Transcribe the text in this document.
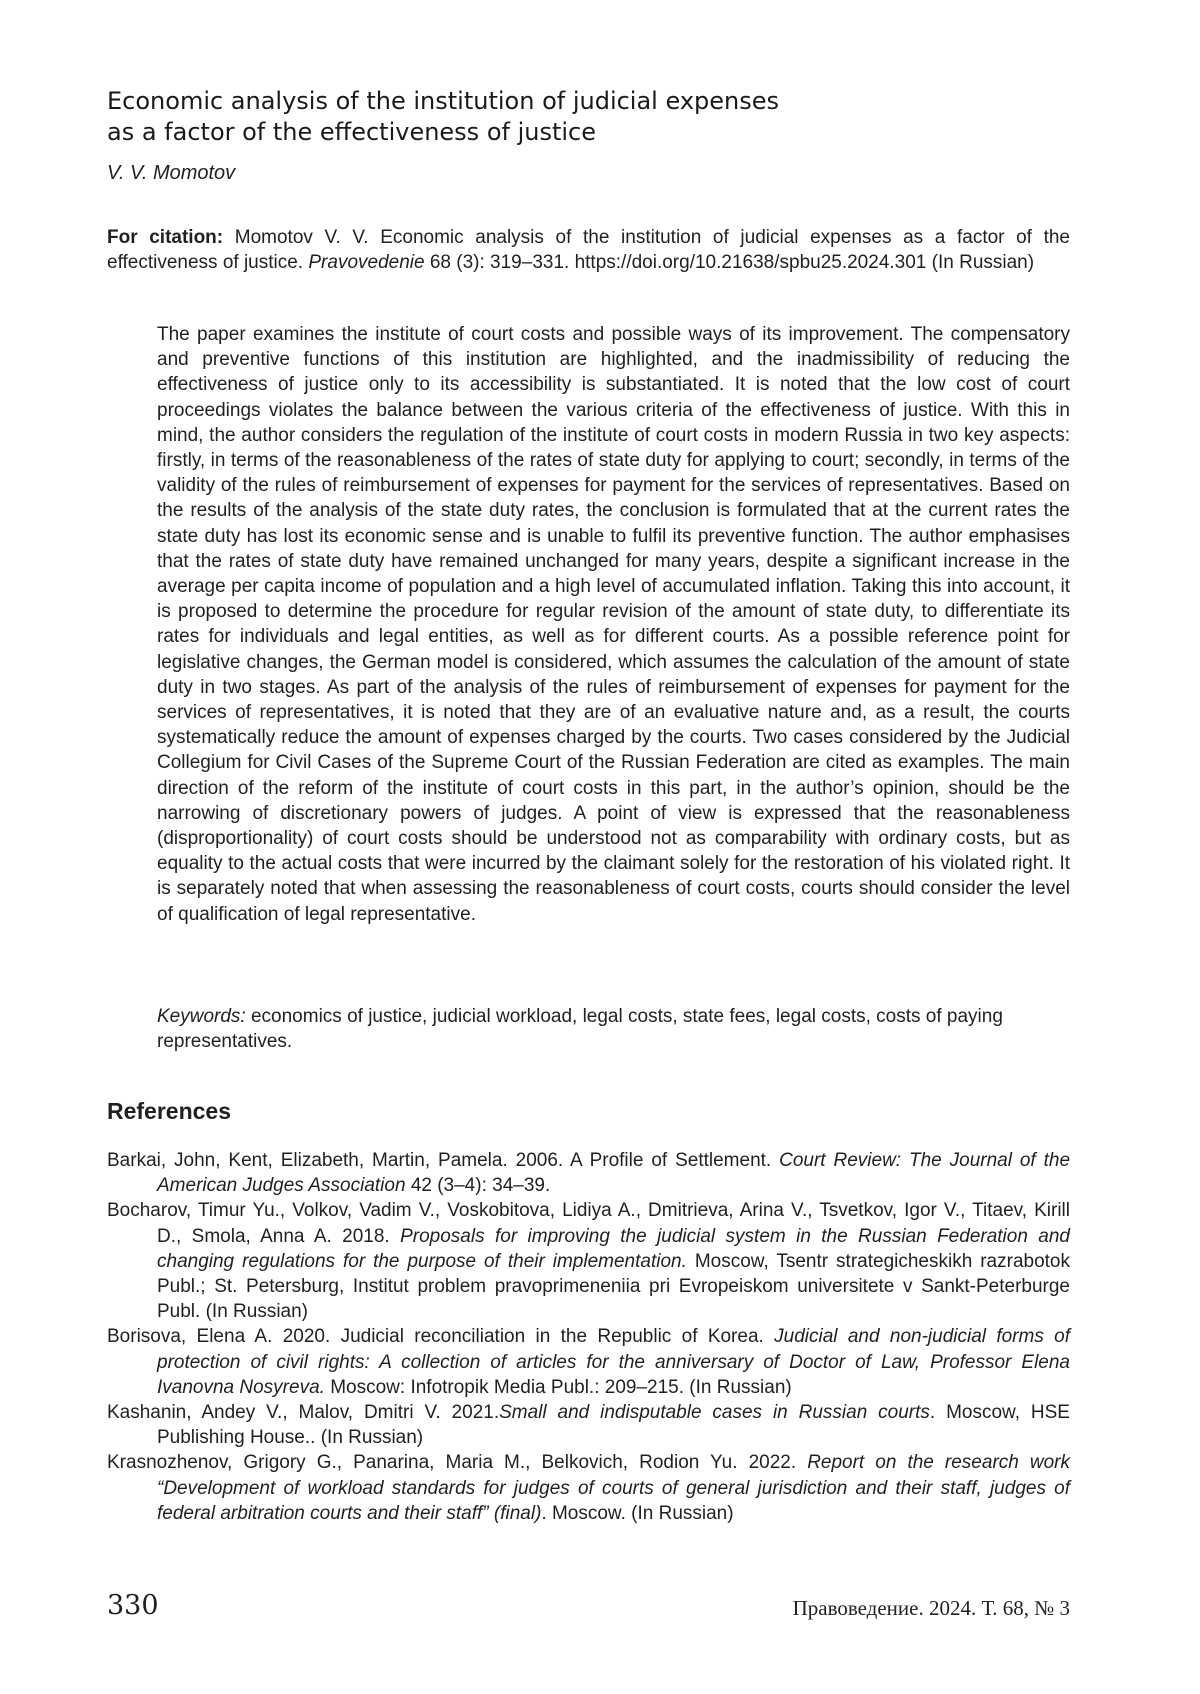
Economic analysis of the institution of judicial expenses
as a factor of the effectiveness of justice
V. V. Momotov
For citation: Momotov V. V. Economic analysis of the institution of judicial expenses as a factor of the effectiveness of justice. Pravovedenie 68 (3): 319–331. https://doi.org/10.21638/spbu25.2024.301 (In Russian)

The paper examines the institute of court costs and possible ways of its improvement. The compensatory and preventive functions of this institution are highlighted, and the inadmissibility of reducing the effectiveness of justice only to its accessibility is substantiated. It is noted that the low cost of court proceedings violates the balance between the various criteria of the effectiveness of justice. With this in mind, the author considers the regulation of the institute of court costs in modern Russia in two key aspects: firstly, in terms of the reasonableness of the rates of state duty for applying to court; secondly, in terms of the validity of the rules of reimbursement of expenses for payment for the services of representatives. Based on the results of the analysis of the state duty rates, the conclusion is formulated that at the current rates the state duty has lost its economic sense and is unable to fulfil its preventive function. The author emphasises that the rates of state duty have remained unchanged for many years, despite a significant increase in the average per capita income of population and a high level of accumulated inflation. Taking this into account, it is proposed to determine the procedure for regular revision of the amount of state duty, to differentiate its rates for individuals and legal entities, as well as for different courts. As a possible reference point for legislative changes, the German model is considered, which assumes the calculation of the amount of state duty in two stages. As part of the analysis of the rules of reimbursement of expenses for payment for the services of representatives, it is noted that they are of an evaluative nature and, as a result, the courts systematically reduce the amount of expenses charged by the courts. Two cases considered by the Judicial Collegium for Civil Cases of the Supreme Court of the Russian Federation are cited as examples. The main direction of the reform of the institute of court costs in this part, in the author’s opinion, should be the narrowing of discretionary powers of judges. A point of view is expressed that the reasonableness (disproportionality) of court costs should be understood not as comparability with ordinary costs, but as equality to the actual costs that were incurred by the claimant solely for the restoration of his violated right. It is separately noted that when assessing the reasonableness of court costs, courts should consider the level of qualification of legal representative.

Keywords: economics of justice, judicial workload, legal costs, state fees, legal costs, costs of paying representatives.

References
Barkai, John, Kent, Elizabeth, Martin, Pamela. 2006. A Profile of Settlement. Court Review: The Journal of the American Judges Association 42 (3–4): 34–39.
Bocharov, Timur Yu., Volkov, Vadim V., Voskobitova, Lidiya A., Dmitrieva, Arina V., Tsvetkov, Igor V., Titaev, Kirill D., Smola, Anna A. 2018. Proposals for improving the judicial system in the Russian Federation and changing regulations for the purpose of their implementation. Moscow, Tsentr strategicheskikh razrabotok Publ.; St. Petersburg, Institut problem pravoprimeneniia pri Evropeiskom universitete v Sankt-Peterburge Publ. (In Russian)
Borisova, Elena A. 2020. Judicial reconciliation in the Republic of Korea. Judicial and non-judicial forms of protection of civil rights: A collection of articles for the anniversary of Doctor of Law, Professor Elena Ivanovna Nosyreva. Moscow: Infotropik Media Publ.: 209–215. (In Russian)
Kashanin, Andey V., Malov, Dmitri V. 2021.Small and indisputable cases in Russian courts. Moscow, HSE Publishing House.. (In Russian)
Krasnozhenov, Grigory G., Panarina, Maria M., Belkovich, Rodion Yu. 2022. Report on the research work “Development of workload standards for judges of courts of general jurisdiction and their staff, judges of federal arbitration courts and their staff” (final). Moscow. (In Russian)
330	Правоведение. 2024. Т. 68, № 3
